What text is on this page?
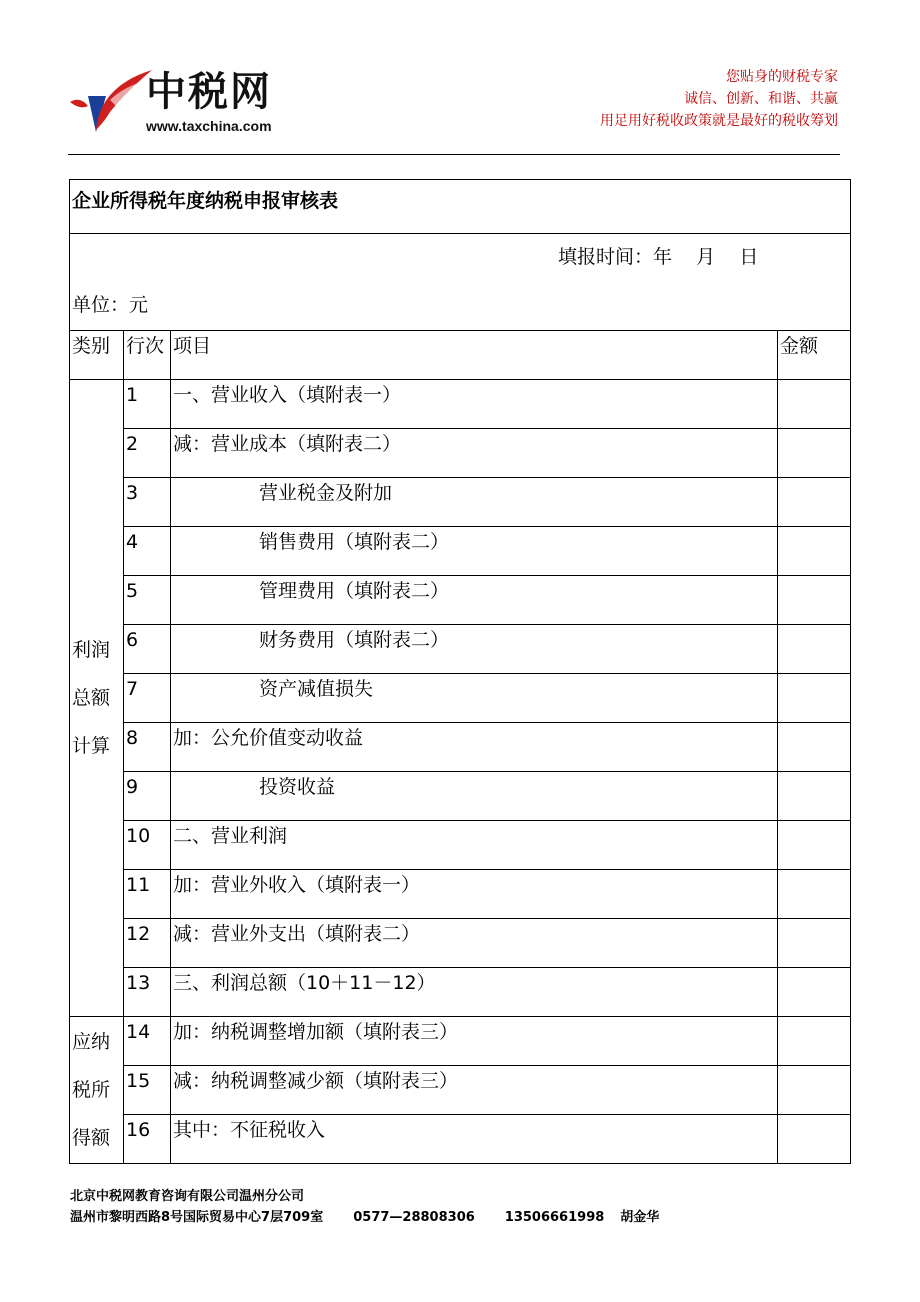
中税网
www.taxchina.com
您贴身的财税专家
诚信、创新、和谐、共赢
用足用好税收政策就是最好的税收筹划
企业所得税年度纳税申报审核表			

填报时间：年    月    日
单位：元			

类别	行次	项目	金额

利润总额计算	1	一、营业收入（填附表一）	
	2	减：营业成本（填附表二）	
	3	营业税金及附加	
	4	销售费用（填附表二）	
	5	管理费用（填附表二）	
	6	财务费用（填附表二）	
	7	资产减值损失	
	8	加：公允价值变动收益	
	9	投资收益	
	10	二、营业利润	
	11	加：营业外收入（填附表一）	
	12	减：营业外支出（填附表二）	
	13	三、利润总额（10＋11－12）	

应纳税所得额	14	加：纳税调整增加额（填附表三）	
	15	减：纳税调整减少额（填附表三）	
	16	其中：不征税收入	
北京中税网教育咨询有限公司温州分公司
温州市黎明西路8号国际贸易中心7层709室 0577—28808306 13506661998 胡金华
